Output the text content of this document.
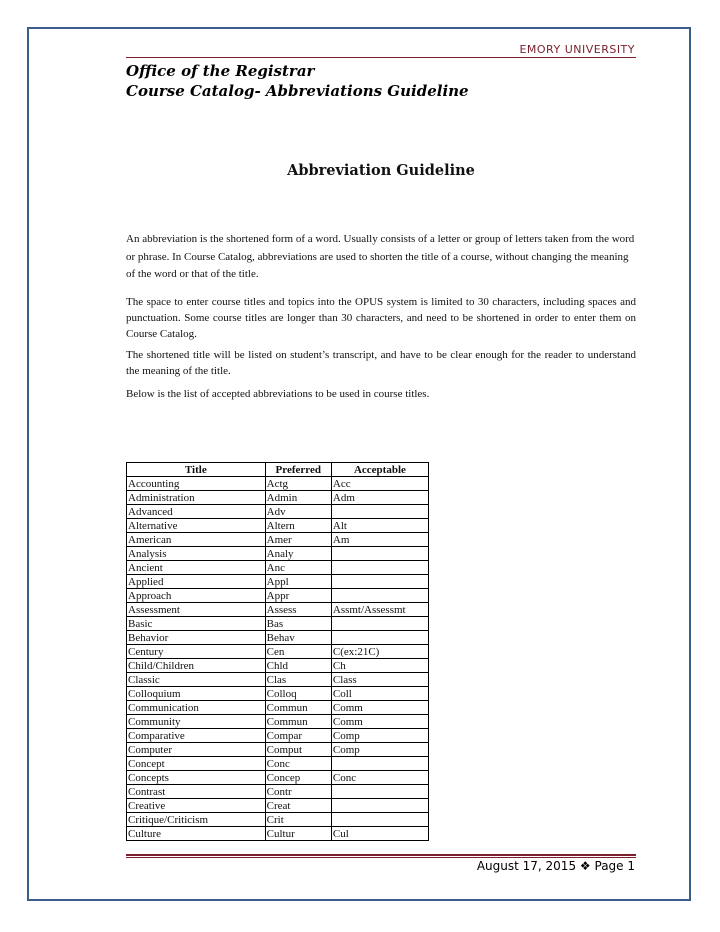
EMORY UNIVERSITY
Office of the Registrar
Course Catalog- Abbreviations Guideline
Abbreviation Guideline
An abbreviation is the shortened form of a word. Usually consists of a letter or group of letters taken from the word or phrase. In Course Catalog, abbreviations are used to shorten the title of a course, without changing the meaning of the word or that of the title.
The space to enter course titles and topics into the OPUS system is limited to 30 characters, including spaces and punctuation. Some course titles are longer than 30 characters, and need to be shortened in order to enter them on Course Catalog.
The shortened title will be listed on student’s transcript, and have to be clear enough for the reader to understand the meaning of the title.
Below is the list of accepted abbreviations to be used in course titles.
Title	Preferred	Acceptable
Accounting	Actg	Acc
Administration	Admin	Adm
Advanced	Adv	
Alternative	Altern	Alt
American	Amer	Am
Analysis	Analy	
Ancient	Anc	
Applied	Appl	
Approach	Appr	
Assessment	Assess	Assmt/Assessmt
Basic	Bas	
Behavior	Behav	
Century	Cen	C(ex:21C)
Child/Children	Chld	Ch
Classic	Clas	Class
Colloquium	Colloq	Coll
Communication	Commun	Comm
Community	Commun	Comm
Comparative	Compar	Comp
Computer	Comput	Comp
Concept	Conc	
Concepts	Concep	Conc
Contrast	Contr	
Creative	Creat	
Critique/Criticism	Crit	
Culture	Cultur	Cul
August 17, 2015 ❖ Page 1
